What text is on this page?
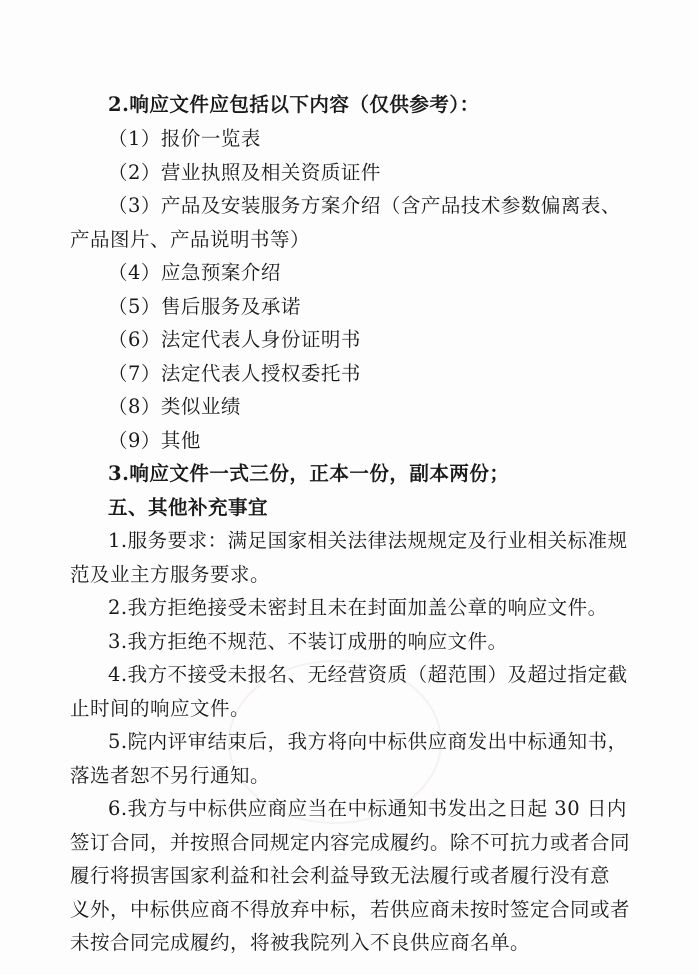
2.响应文件应包括以下内容（仅供参考）：
（1）报价一览表
（2）营业执照及相关资质证件
（3）产品及安装服务方案介绍（含产品技术参数偏离表、
产品图片、产品说明书等）
（4）应急预案介绍
（5）售后服务及承诺
（6）法定代表人身份证明书
（7）法定代表人授权委托书
（8）类似业绩
（9）其他
3.响应文件一式三份，正本一份，副本两份；
五、其他补充事宜
1.服务要求：满足国家相关法律法规规定及行业相关标准规
范及业主方服务要求。
2.我方拒绝接受未密封且未在封面加盖公章的响应文件。
3.我方拒绝不规范、不装订成册的响应文件。
4.我方不接受未报名、无经营资质（超范围）及超过指定截
止时间的响应文件。
5.院内评审结束后，我方将向中标供应商发出中标通知书，
落选者恕不另行通知。
6.我方与中标供应商应当在中标通知书发出之日起 30 日内
签订合同，并按照合同规定内容完成履约。除不可抗力或者合同
履行将损害国家利益和社会利益导致无法履行或者履行没有意
义外，中标供应商不得放弃中标，若供应商未按时签定合同或者
未按合同完成履约，将被我院列入不良供应商名单。
